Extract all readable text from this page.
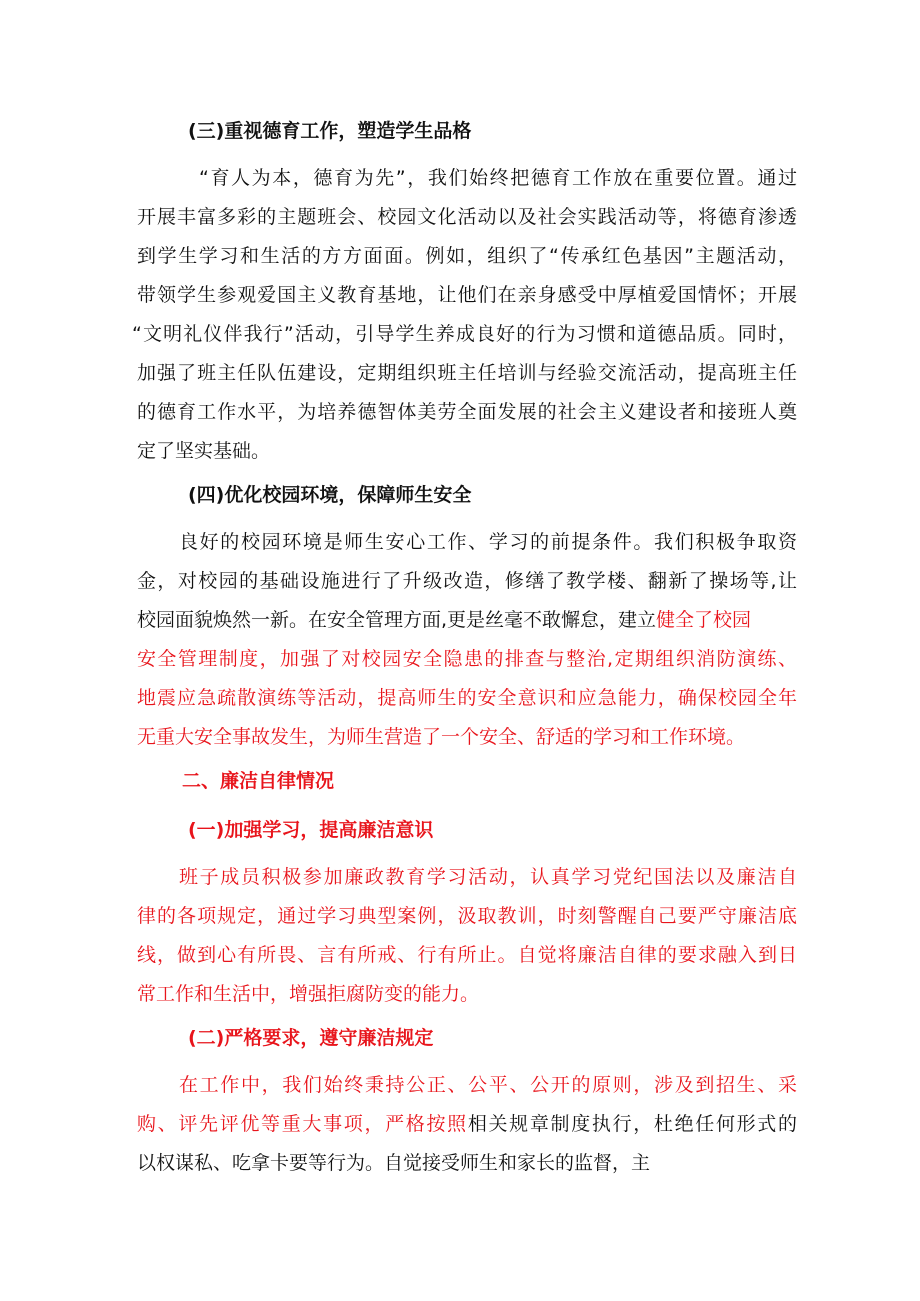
(三)重视德育工作，塑造学生品格
“育人为本，德育为先”，我们始终把德育工作放在重要位置。通过
开展丰富多彩的主题班会、校园文化活动以及社会实践活动等，将德育渗透
到学生学习和生活的方方面面。例如，组织了“传承红色基因”主题活动，
带领学生参观爱国主义教育基地，让他们在亲身感受中厚植爱国情怀；开展
“文明礼仪伴我行”活动，引导学生养成良好的行为习惯和道德品质。同时，
加强了班主任队伍建设，定期组织班主任培训与经验交流活动，提高班主任
的德育工作水平，为培养德智体美劳全面发展的社会主义建设者和接班人奠
定了坚实基础。
(四)优化校园环境，保障师生安全
良好的校园环境是师生安心工作、学习的前提条件。我们积极争取资
金，对校园的基础设施进行了升级改造，修缮了教学楼、翻新了操场等,让
校园面貌焕然一新。在安全管理方面,更是丝毫不敢懈怠，建立健全了校园
安全管理制度，加强了对校园安全隐患的排查与整治,定期组织消防演练、
地震应急疏散演练等活动，提高师生的安全意识和应急能力，确保校园全年
无重大安全事故发生，为师生营造了一个安全、舒适的学习和工作环境。
二、廉洁自律情况
(一)加强学习，提高廉洁意识
班子成员积极参加廉政教育学习活动，认真学习党纪国法以及廉洁自
律的各项规定，通过学习典型案例，汲取教训，时刻警醒自己要严守廉洁底
线，做到心有所畏、言有所戒、行有所止。自觉将廉洁自律的要求融入到日
常工作和生活中，增强拒腐防变的能力。
(二)严格要求，遵守廉洁规定
在工作中，我们始终秉持公正、公平、公开的原则，涉及到招生、采
购、评先评优等重大事项，严格按照相关规章制度执行，杜绝任何形式的
以权谋私、吃拿卡要等行为。自觉接受师生和家长的监督，主
